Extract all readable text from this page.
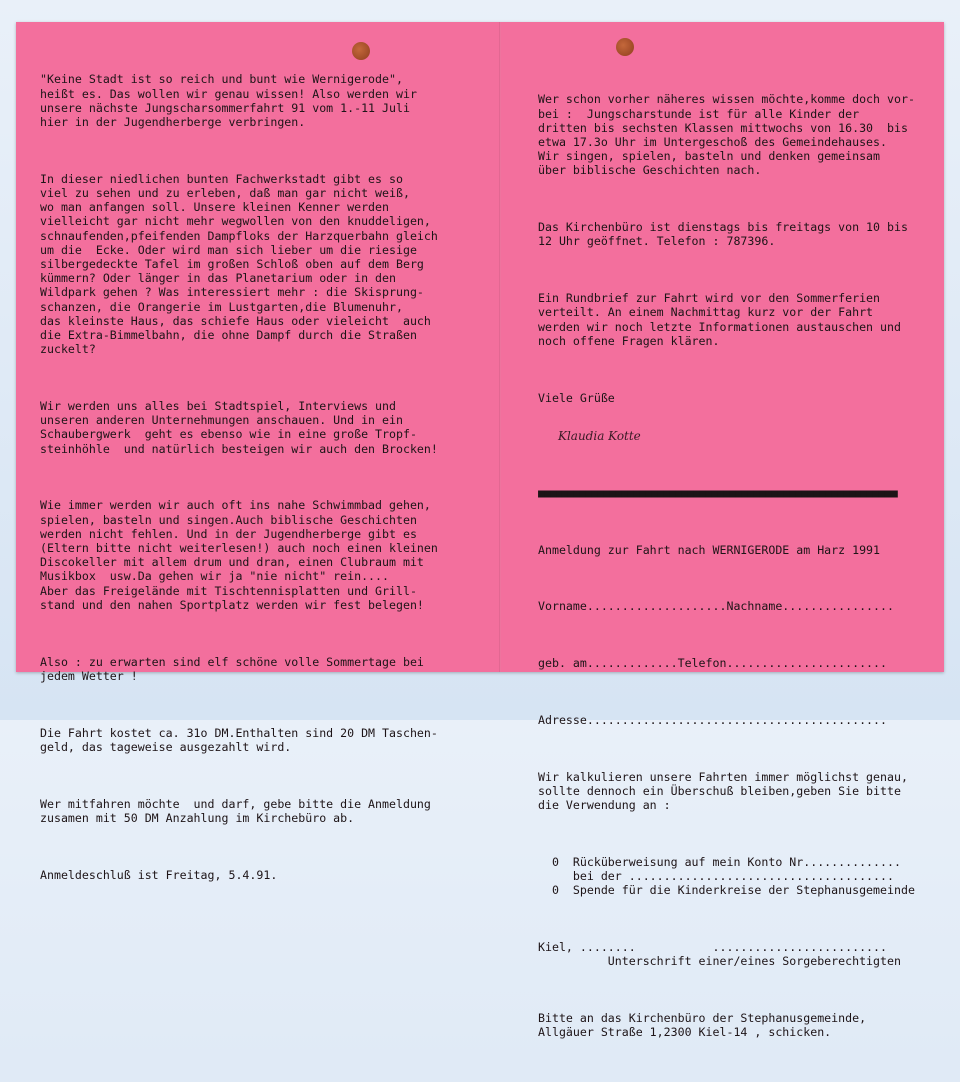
"Keine Stadt ist so reich und bunt wie Wernigerode",
heißt es. Das wollen wir genau wissen! Also werden wir
unsere nächste Jungscharsommerfahrt 91 vom 1.-11 Juli
hier in der Jugendherberge verbringen.

In dieser niedlichen bunten Fachwerkstadt gibt es so
viel zu sehen und zu erleben, daß man gar nicht weiß,
wo man anfangen soll. Unsere kleinen Kenner werden
vielleicht gar nicht mehr wegwollen von den knuddeligen,
schnaufenden,pfeifenden Dampfloks der Harzquerbahn gleich
um die  Ecke. Oder wird man sich lieber um die riesige
silbergedeckte Tafel im großen Schloß oben auf dem Berg
kümmern? Oder länger in das Planetarium oder in den
Wildpark gehen ? Was interessiert mehr : die Skisprung-
schanzen, die Orangerie im Lustgarten,die Blumenuhr,
das kleinste Haus, das schiefe Haus oder vieleicht  auch
die Extra-Bimmelbahn, die ohne Dampf durch die Straßen
zuckelt?

Wir werden uns alles bei Stadtspiel, Interviews und
unseren anderen Unternehmungen anschauen. Und in ein
Schaubergwerk  geht es ebenso wie in eine große Tropf-
steinhöhle  und natürlich besteigen wir auch den Brocken!

Wie immer werden wir auch oft ins nahe Schwimmbad gehen,
spielen, basteln und singen.Auch biblische Geschichten
werden nicht fehlen. Und in der Jugendherberge gibt es
(Eltern bitte nicht weiterlesen!) auch noch einen kleinen
Discokeller mit allem drum und dran, einen Clubraum mit
Musikbox  usw.Da gehen wir ja "nie nicht" rein....
Aber das Freigelände mit Tischtennisplatten und Grill-
stand und den nahen Sportplatz werden wir fest belegen!

Also : zu erwarten sind elf schöne volle Sommertage bei
jedem Wetter !

Die Fahrt kostet ca. 31o DM.Enthalten sind 20 DM Taschen-
geld, das tageweise ausgezahlt wird.

Wer mitfahren möchte  und darf, gebe bitte die Anmeldung
zusamen mit 50 DM Anzahlung im Kirchebüro ab.

Anmeldeschluß ist Freitag, 5.4.91.

Wer schon vorher näheres wissen möchte,komme doch vor-
bei :  Jungscharstunde ist für alle Kinder der
dritten bis sechsten Klassen mittwochs von 16.30  bis
etwa 17.3o Uhr im Untergeschoß des Gemeindehauses.
Wir singen, spielen, basteln und denken gemeinsam
über biblische Geschichten nach.

Das Kirchenbüro ist dienstags bis freitags von 10 bis
12 Uhr geöffnet. Telefon : 787396.

Ein Rundbrief zur Fahrt wird vor den Sommerferien
verteilt. An einem Nachmittag kurz vor der Fahrt
werden wir noch letzte Informationen austauschen und
noch offene Fragen klären.

Viele Grüße

Klaudia Kotte

■■■■■■■■■■■■■■■■■■■■■■■■■■■■■■■■■■■■■■■■■■■■■■■■■■■■■■■■■■■■

Anmeldung zur Fahrt nach WERNIGERODE am Harz 1991

Vorname....................Nachname................

geb. am.............Telefon.......................

Adresse...........................................

Wir kalkulieren unsere Fahrten immer möglichst genau,
sollte dennoch ein Überschuß bleiben,geben Sie bitte
die Verwendung an :

0  Rücküberweisung auf mein Konto Nr..............
bei der ......................................
0  Spende für die Kinderkreise der Stephanusgemeinde

Kiel, ........           .........................
Unterschrift einer/eines Sorgeberechtigten

Bitte an das Kirchenbüro der Stephanusgemeinde,
Allgäuer Straße 1,2300 Kiel-14 , schicken.
